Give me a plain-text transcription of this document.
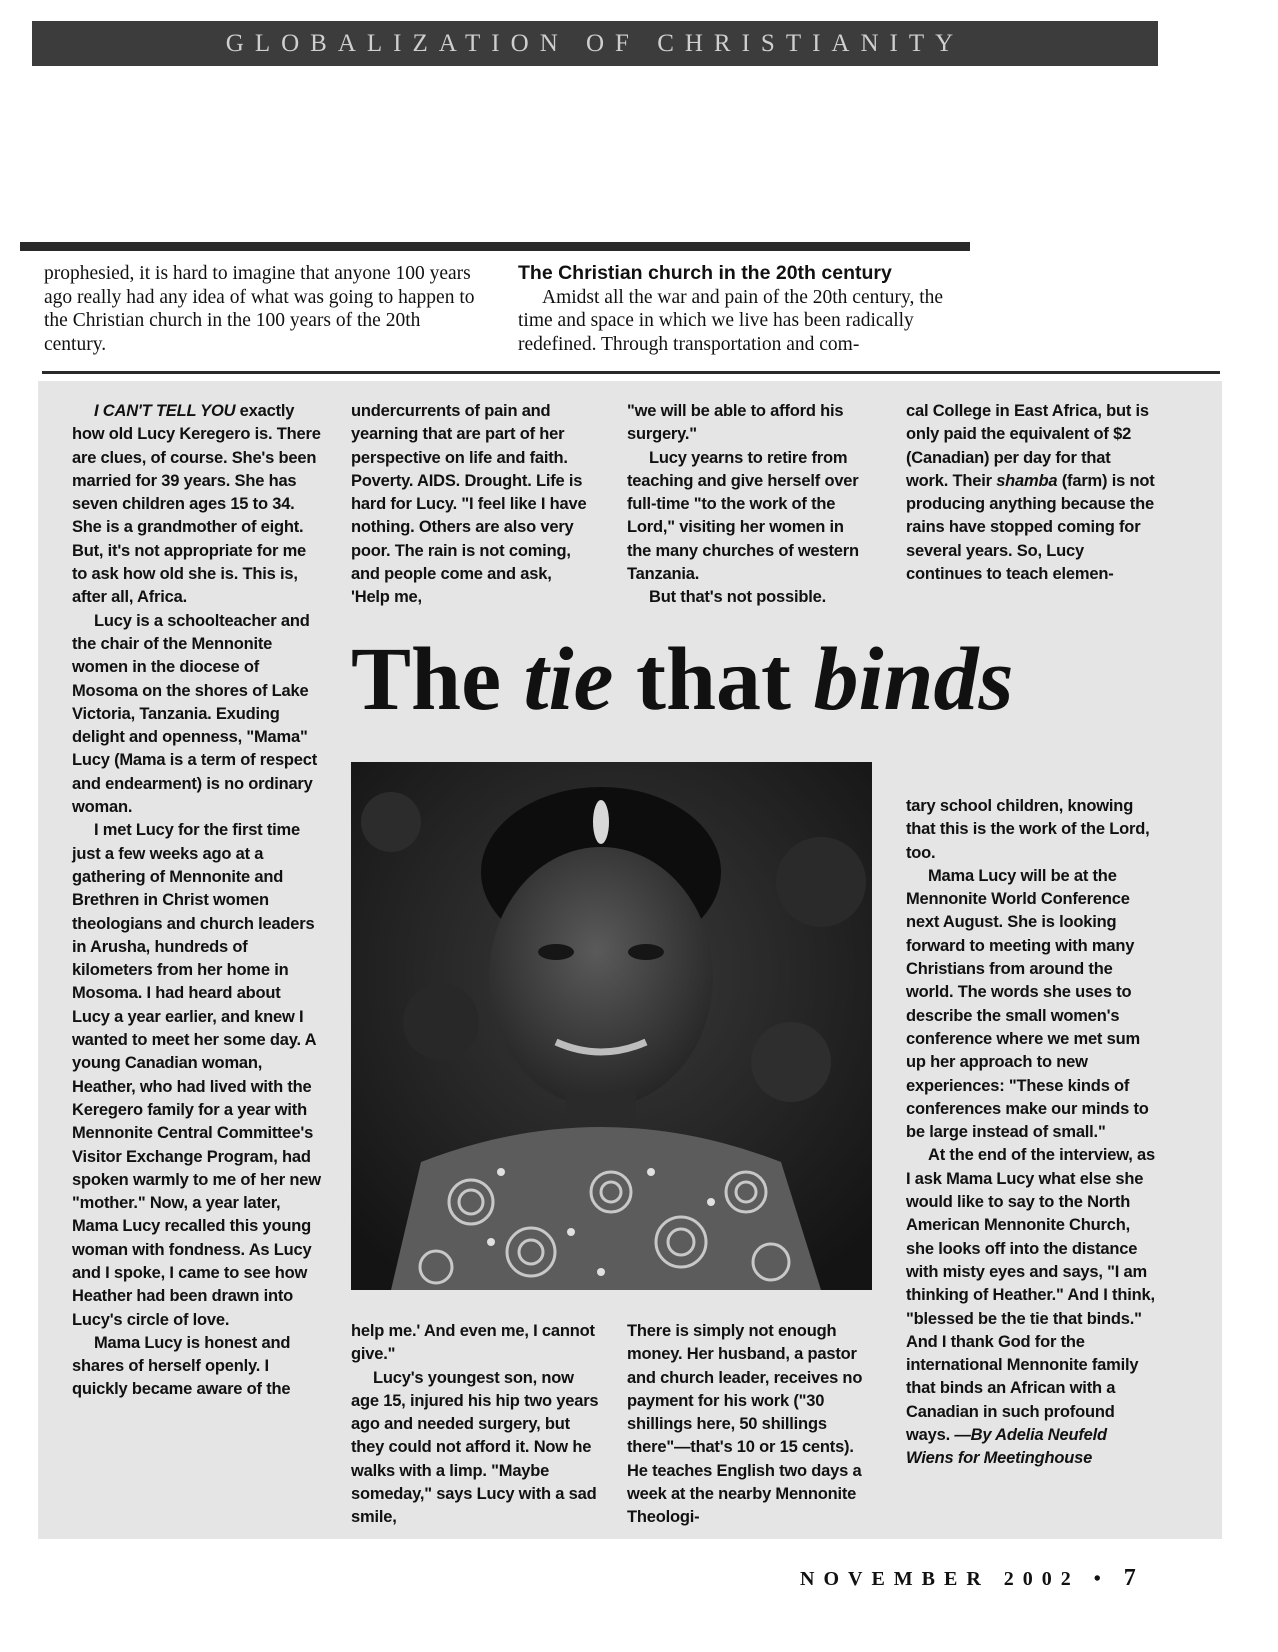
GLOBALIZATION OF CHRISTIANITY

prophesied, it is hard to imagine that anyone 100 years ago really had any idea of what was going to happen to the Christian church in the 100 years of the 20th century.

The Christian church in the 20th century

Amidst all the war and pain of the 20th century, the time and space in which we live has been radically redefined. Through transportation and com-

I CAN'T TELL YOU exactly how old Lucy Keregero is. There are clues, of course. She's been married for 39 years. She has seven children ages 15 to 34. She is a grandmother of eight. But, it's not appropriate for me to ask how old she is. This is, after all, Africa.

Lucy is a schoolteacher and the chair of the Mennonite women in the diocese of Mosoma on the shores of Lake Victoria, Tanzania. Exuding delight and openness, "Mama" Lucy (Mama is a term of respect and endearment) is no ordinary woman.

I met Lucy for the first time just a few weeks ago at a gathering of Mennonite and Brethren in Christ women theologians and church leaders in Arusha, hundreds of kilometers from her home in Mosoma. I had heard about Lucy a year earlier, and knew I wanted to meet her some day. A young Canadian woman, Heather, who had lived with the Keregero family for a year with Mennonite Central Committee's Visitor Exchange Program, had spoken warmly to me of her new "mother." Now, a year later, Mama Lucy recalled this young woman with fondness. As Lucy and I spoke, I came to see how Heather had been drawn into Lucy's circle of love.

Mama Lucy is honest and shares of herself openly. I quickly became aware of the

undercurrents of pain and yearning that are part of her perspective on life and faith. Poverty. AIDS. Drought. Life is hard for Lucy. "I feel like I have nothing. Others are also very poor. The rain is not coming, and people come and ask, 'Help me,

"we will be able to afford his surgery."

Lucy yearns to retire from teaching and give herself over full-time "to the work of the Lord," visiting her women in the many churches of western Tanzania.

But that's not possible.

cal College in East Africa, but is only paid the equivalent of $2 (Canadian) per day for that work. Their shamba (farm) is not producing anything because the rains have stopped coming for several years. So, Lucy continues to teach elemen-

The tie that binds

tary school children, knowing that this is the work of the Lord, too.

Mama Lucy will be at the Mennonite World Conference next August. She is looking forward to meeting with many Christians from around the world. The words she uses to describe the small women's conference where we met sum up her approach to new experiences: "These kinds of conferences make our minds to be large instead of small."

At the end of the interview, as I ask Mama Lucy what else she would like to say to the North American Mennonite Church, she looks off into the distance with misty eyes and says, "I am thinking of Heather." And I think, "blessed be the tie that binds." And I thank God for the international Mennonite family that binds an African with a Canadian in such profound ways. —By Adelia Neufeld Wiens for Meetinghouse

help me.' And even me, I cannot give."

Lucy's youngest son, now age 15, injured his hip two years ago and needed surgery, but they could not afford it. Now he walks with a limp. "Maybe someday," says Lucy with a sad smile,

There is simply not enough money. Her husband, a pastor and church leader, receives no payment for his work ("30 shillings here, 50 shillings there"—that's 10 or 15 cents). He teaches English two days a week at the nearby Mennonite Theologi-

NOVEMBER 2002 • 7
